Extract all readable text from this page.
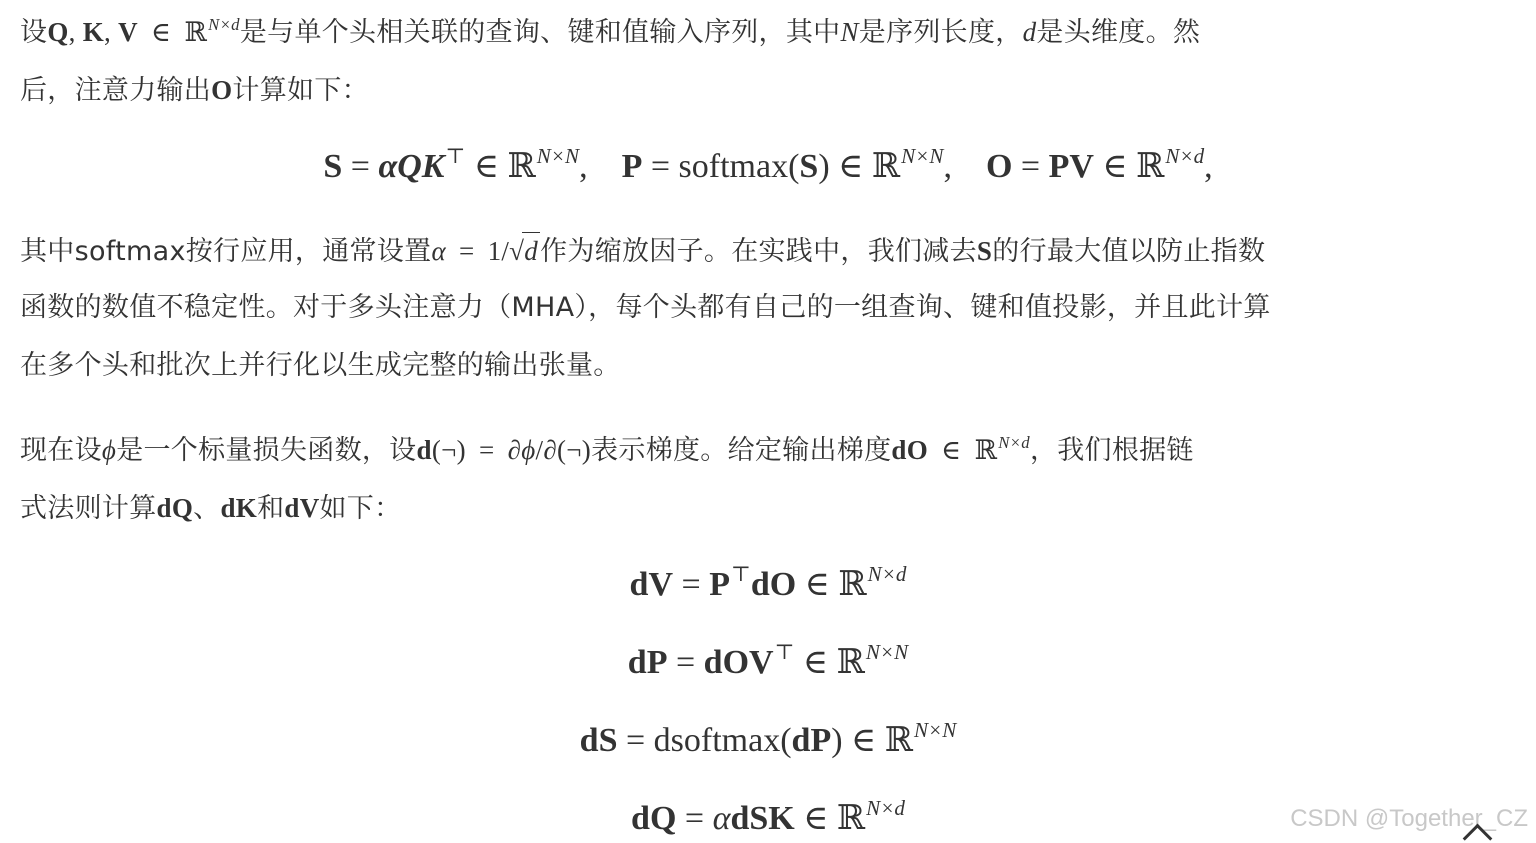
设Q, K, V ∈ ℝ$^{N\times d}$是与单个头相关联的查询、键和值输入序列，其中N是序列长度，d是头维度。然

后，注意力输出O计算如下：

S = αQK⊤ ∈ ℝ$^{N\times N}$, P = softmax(S) ∈ ℝ$^{N\times N}$, O = PV ∈ ℝ$^{N\times d}$,

其中softmax按行应用，通常设置α = 1/√d作为缩放因子。在实践中，我们减去S的行最大值以防止指数

函数的数值不稳定性。对于多头注意力（MHA），每个头都有自己的一组查询、键和值投影，并且此计算

在多个头和批次上并行化以生成完整的输出张量。

现在设ϕ是一个标量损失函数，设d(¬) = ∂ϕ/∂(¬)表示梯度。给定输出梯度dO ∈ ℝ$^{N\times d}$，我们根据链

式法则计算dQ、dK和dV如下：

dV = P⊤dO ∈ ℝ$^{N\times d}$
dP = dOV⊤ ∈ ℝ$^{N\times N}$
dS = dsoftmax(dP) ∈ ℝ$^{N\times N}$
dQ = αdSK ∈ ℝ$^{N\times d}$	CSDN @Together_CZ
